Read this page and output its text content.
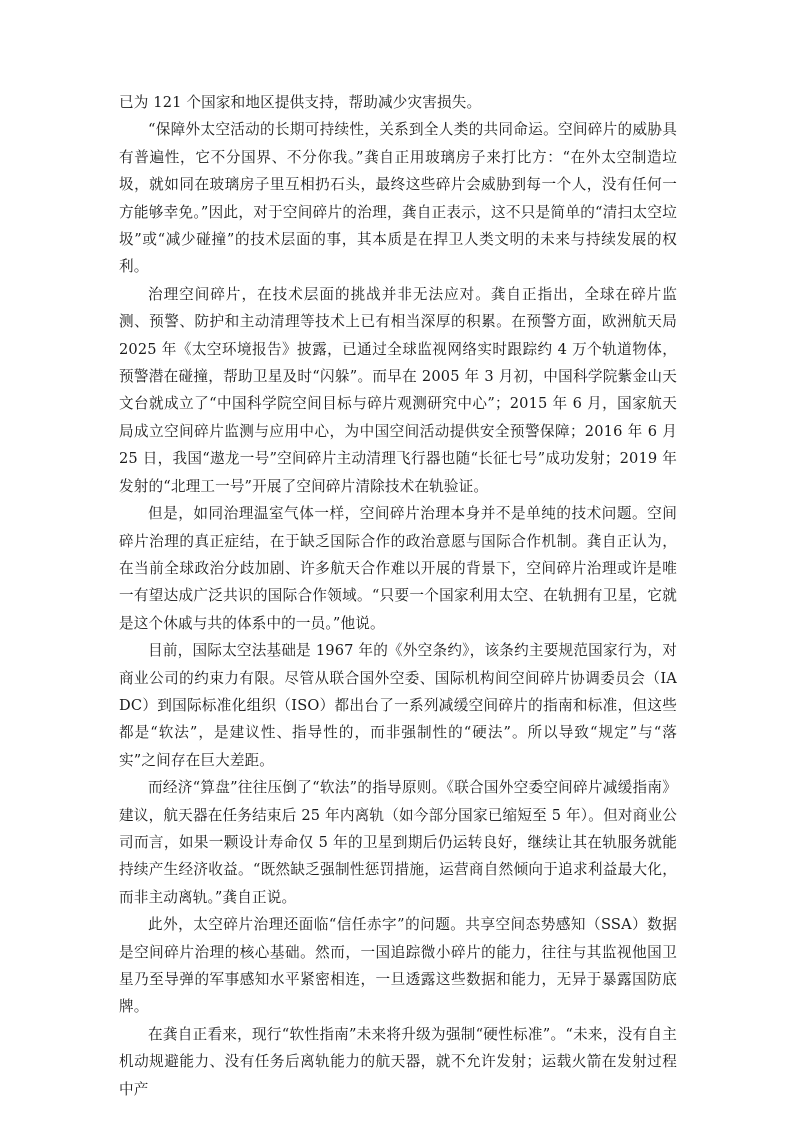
已为 121 个国家和地区提供支持，帮助减少灾害损失。

“保障外太空活动的长期可持续性，关系到全人类的共同命运。空间碎片的威胁具有普遍性，它不分国界、不分你我。”龚自正用玻璃房子来打比方：“在外太空制造垃圾，就如同在玻璃房子里互相扔石头，最终这些碎片会威胁到每一个人，没有任何一方能够幸免。”因此，对于空间碎片的治理，龚自正表示，这不只是简单的“清扫太空垃圾”或“减少碰撞”的技术层面的事，其本质是在捍卫人类文明的未来与持续发展的权利。

治理空间碎片，在技术层面的挑战并非无法应对。龚自正指出，全球在碎片监测、预警、防护和主动清理等技术上已有相当深厚的积累。在预警方面，欧洲航天局 2025 年《太空环境报告》披露，已通过全球监视网络实时跟踪约 4 万个轨道物体，预警潜在碰撞，帮助卫星及时“闪躲”。而早在 2005 年 3 月初，中国科学院紫金山天文台就成立了“中国科学院空间目标与碎片观测研究中心”；2015 年 6 月，国家航天局成立空间碎片监测与应用中心，为中国空间活动提供安全预警保障；2016 年 6 月 25 日，我国“遨龙一号”空间碎片主动清理飞行器也随“长征七号”成功发射；2019 年发射的“北理工一号”开展了空间碎片清除技术在轨验证。

但是，如同治理温室气体一样，空间碎片治理本身并不是单纯的技术问题。空间碎片治理的真正症结，在于缺乏国际合作的政治意愿与国际合作机制。龚自正认为，在当前全球政治分歧加剧、许多航天合作难以开展的背景下，空间碎片治理或许是唯一有望达成广泛共识的国际合作领域。“只要一个国家利用太空、在轨拥有卫星，它就是这个休戚与共的体系中的一员。”他说。

目前，国际太空法基础是 1967 年的《外空条约》，该条约主要规范国家行为，对商业公司的约束力有限。尽管从联合国外空委、国际机构间空间碎片协调委员会（IADC）到国际标准化组织（ISO）都出台了一系列减缓空间碎片的指南和标准，但这些都是“软法”，是建议性、指导性的，而非强制性的“硬法”。所以导致“规定”与“落实”之间存在巨大差距。

而经济“算盘”往往压倒了“软法”的指导原则。《联合国外空委空间碎片减缓指南》建议，航天器在任务结束后 25 年内离轨（如今部分国家已缩短至 5 年）。但对商业公司而言，如果一颗设计寿命仅 5 年的卫星到期后仍运转良好，继续让其在轨服务就能持续产生经济收益。“既然缺乏强制性惩罚措施，运营商自然倾向于追求利益最大化，而非主动离轨。”龚自正说。

此外，太空碎片治理还面临“信任赤字”的问题。共享空间态势感知（SSA）数据是空间碎片治理的核心基础。然而，一国追踪微小碎片的能力，往往与其监视他国卫星乃至导弹的军事感知水平紧密相连，一旦透露这些数据和能力，无异于暴露国防底牌。

在龚自正看来，现行“软性指南”未来将升级为强制“硬性标准”。“未来，没有自主机动规避能力、没有任务后离轨能力的航天器，就不允许发射；运载火箭在发射过程中产
